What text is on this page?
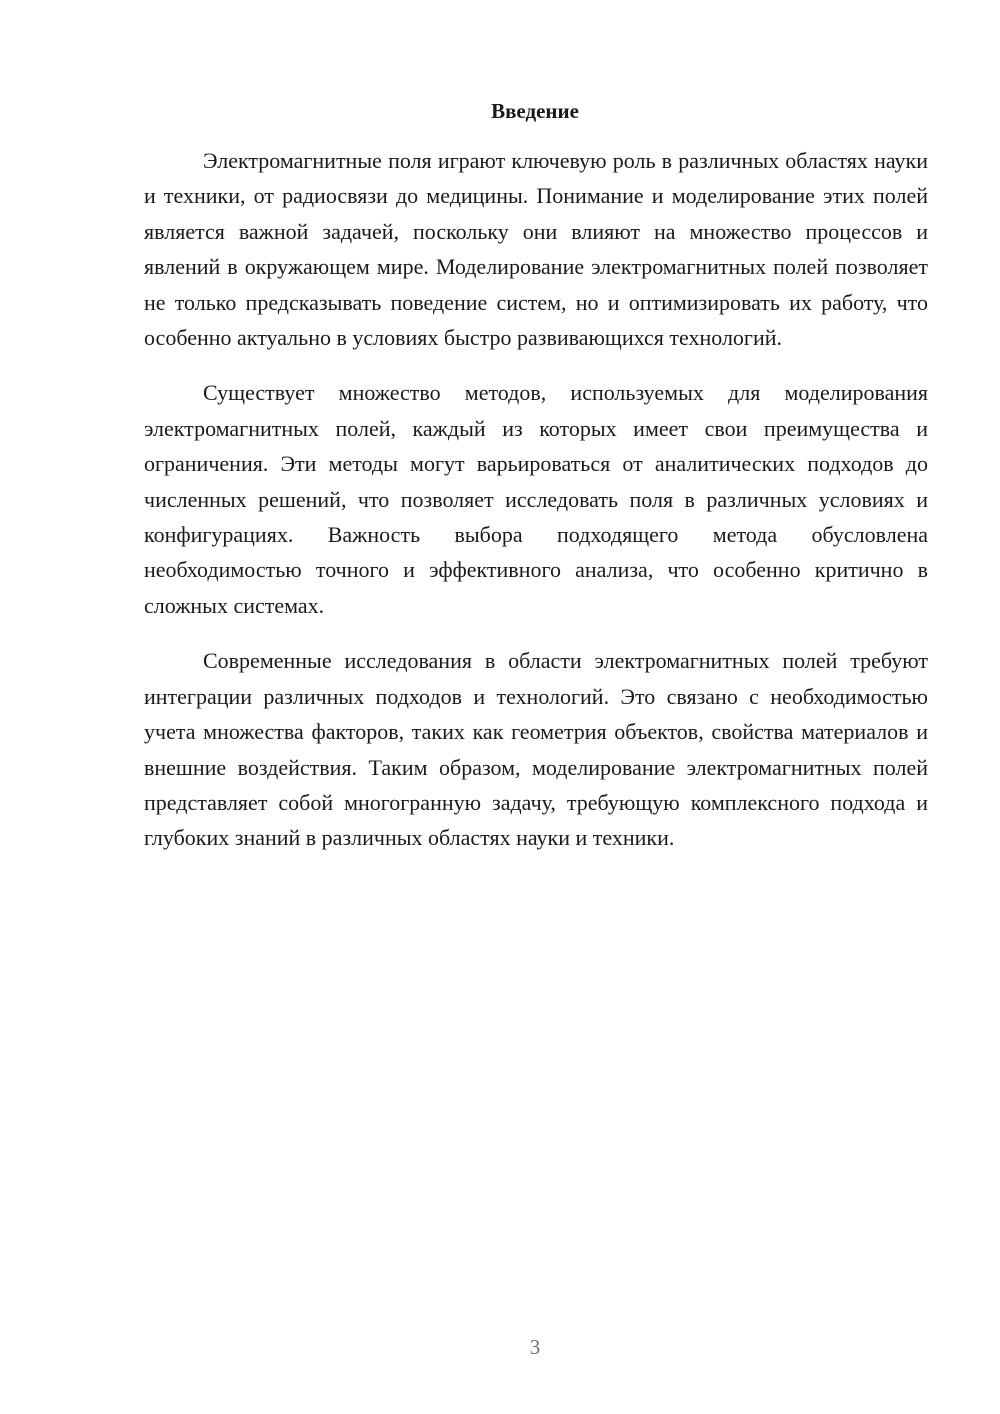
Введение

Электромагнитные поля играют ключевую роль в различных областях науки и техники, от радиосвязи до медицины. Понимание и моделирование этих полей является важной задачей, поскольку они влияют на множество процессов и явлений в окружающем мире. Моделирование электромагнитных полей позволяет не только предсказывать поведение систем, но и оптимизировать их работу, что особенно актуально в условиях быстро развивающихся технологий.

Существует множество методов, используемых для моделирования электромагнитных полей, каждый из которых имеет свои преимущества и ограничения. Эти методы могут варьироваться от аналитических подходов до численных решений, что позволяет исследовать поля в различных условиях и конфигурациях. Важность выбора подходящего метода обусловлена необходимостью точного и эффективного анализа, что особенно критично в сложных системах.

Современные исследования в области электромагнитных полей требуют интеграции различных подходов и технологий. Это связано с необходимостью учета множества факторов, таких как геометрия объектов, свойства материалов и внешние воздействия. Таким образом, моделирование электромагнитных полей представляет собой многогранную задачу, требующую комплексного подхода и глубоких знаний в различных областях науки и техники.

3
